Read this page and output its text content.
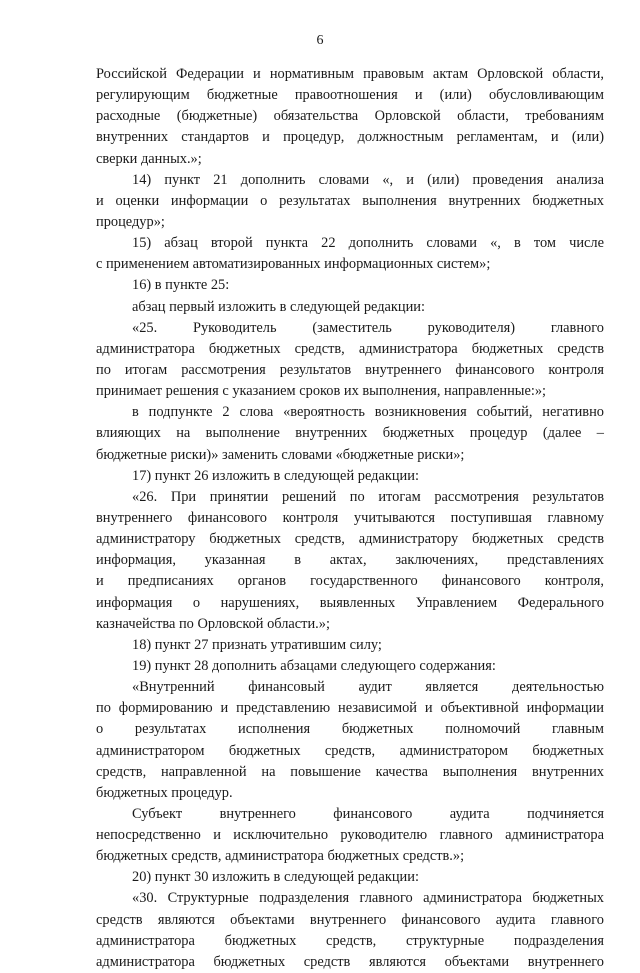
6
Российской Федерации и нормативным правовым актам Орловской области,
регулирующим бюджетные правоотношения и (или) обусловливающим
расходные (бюджетные) обязательства Орловской области, требованиям
внутренних стандартов и процедур, должностным регламентам, и (или)
сверки данных.»;
14) пункт 21 дополнить словами «, и (или) проведения анализа
и оценки информации о результатах выполнения внутренних бюджетных
процедур»;
15) абзац второй пункта 22 дополнить словами «, в том числе
с применением автоматизированных информационных систем»;
16) в пункте 25:
абзац первый изложить в следующей редакции:
«25. Руководитель (заместитель руководителя) главного
администратора бюджетных средств, администратора бюджетных средств
по итогам рассмотрения результатов внутреннего финансового контроля
принимает решения с указанием сроков их выполнения, направленные:»;
в подпункте 2 слова «вероятность возникновения событий, негативно
влияющих на выполнение внутренних бюджетных процедур (далее –
бюджетные риски)» заменить словами «бюджетные риски»;
17) пункт 26 изложить в следующей редакции:
«26. При принятии решений по итогам рассмотрения результатов
внутреннего финансового контроля учитываются поступившая главному
администратору бюджетных средств, администратору бюджетных средств
информация, указанная в актах, заключениях, представлениях
и предписаниях органов государственного финансового контроля,
информация о нарушениях, выявленных Управлением Федерального
казначейства по Орловской области.»;
18) пункт 27 признать утратившим силу;
19) пункт 28 дополнить абзацами следующего содержания:
«Внутренний финансовый аудит является деятельностью
по формированию и представлению независимой и объективной информации
о результатах исполнения бюджетных полномочий главным
администратором бюджетных средств, администратором бюджетных
средств, направленной на повышение качества выполнения внутренних
бюджетных процедур.
Субъект внутреннего финансового аудита подчиняется
непосредственно и исключительно руководителю главного администратора
бюджетных средств, администратора бюджетных средств.»;
20) пункт 30 изложить в следующей редакции:
«30. Структурные подразделения главного администратора бюджетных
средств являются объектами внутреннего финансового аудита главного
администратора бюджетных средств, структурные подразделения
администратора бюджетных средств являются объектами внутреннего
